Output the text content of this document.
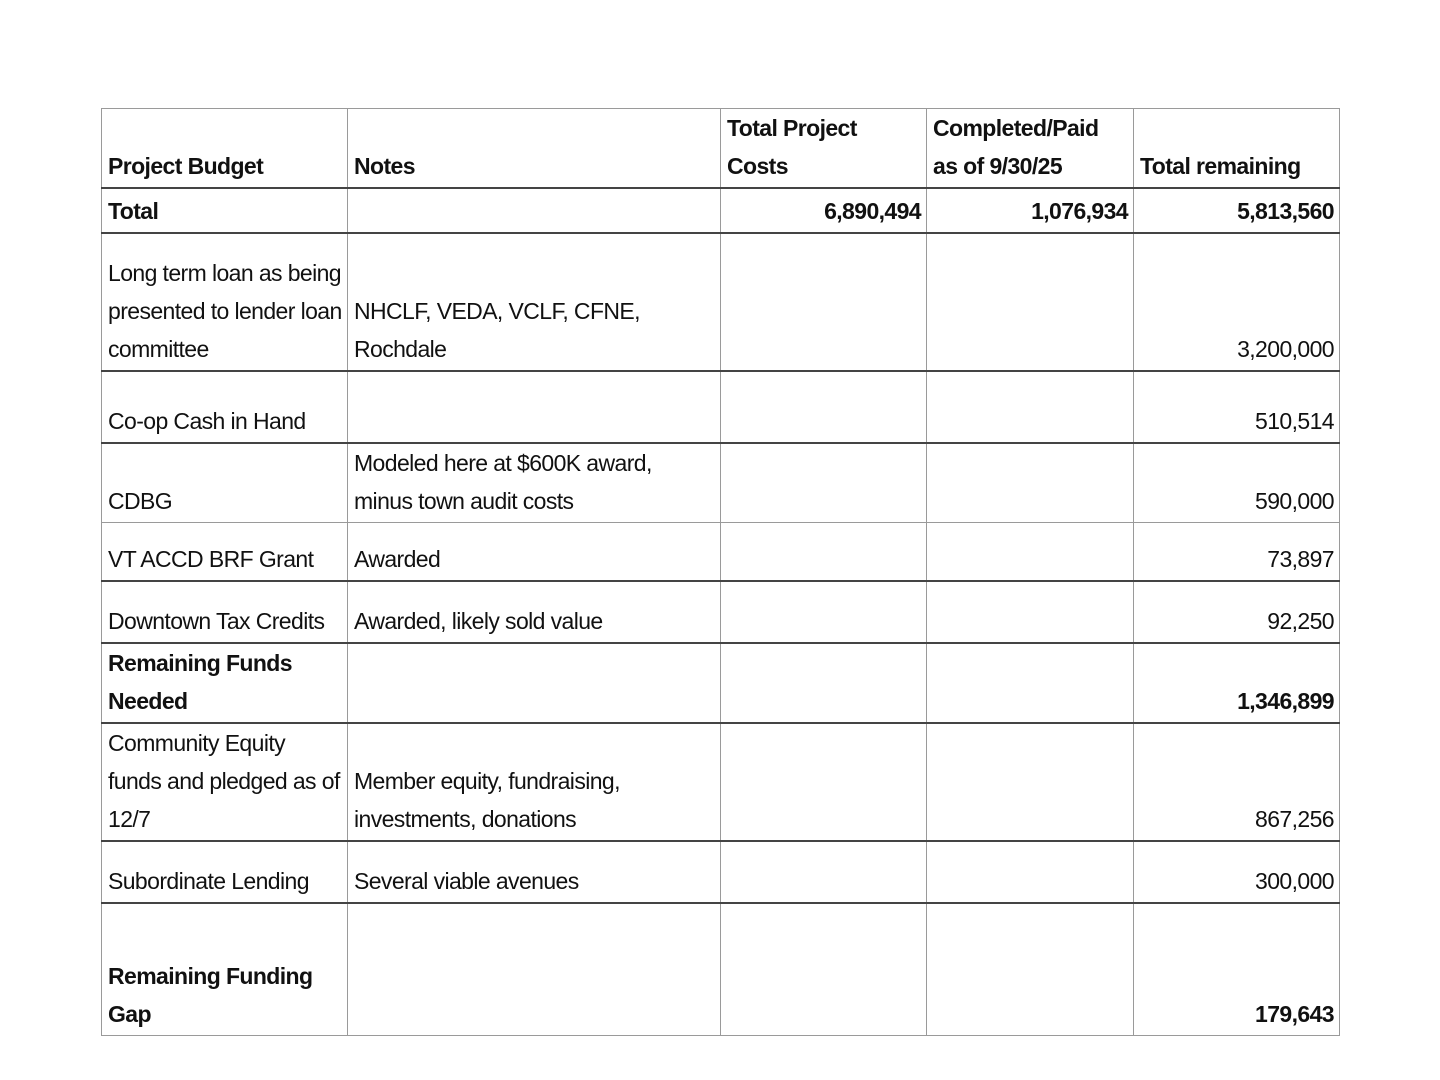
Project Budget	Notes	Total Project Costs	Completed/Paid as of 9/30/25	Total remaining
Total		6,890,494	1,076,934	5,813,560
Long term loan as being presented to lender loan committee	NHCLF, VEDA, VCLF, CFNE, Rochdale			3,200,000
Co-op Cash in Hand				510,514
CDBG	Modeled here at $600K award, minus town audit costs			590,000
VT ACCD BRF Grant	Awarded			73,897
Downtown Tax Credits	Awarded, likely sold value			92,250
Remaining Funds Needed				1,346,899
Community Equity funds and pledged as of 12/7	Member equity, fundraising, investments, donations			867,256
Subordinate Lending	Several viable avenues			300,000
Remaining Funding Gap				179,643
